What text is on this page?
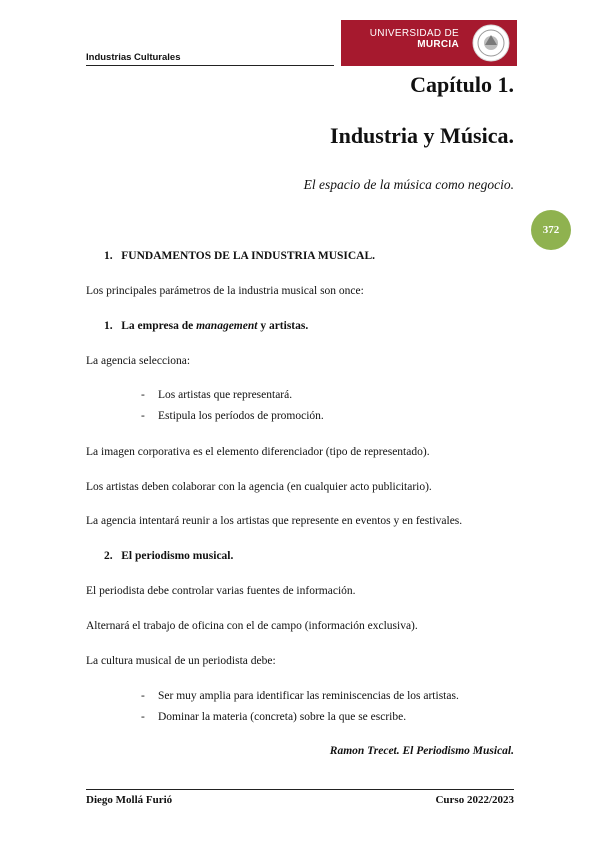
Industrias Culturales
UNIVERSIDAD DE
MURCIA
Capítulo 1.
Industria y Música.
El espacio de la música como negocio.
372
1. FUNDAMENTOS DE LA INDUSTRIA MUSICAL.
Los principales parámetros de la industria musical son once:
1. La empresa de management y artistas.
La agencia selecciona:
- Los artistas que representará.
- Estipula los períodos de promoción.
La imagen corporativa es el elemento diferenciador (tipo de representado).
Los artistas deben colaborar con la agencia (en cualquier acto publicitario).
La agencia intentará reunir a los artistas que represente en eventos y en festivales.
2. El periodismo musical.
El periodista debe controlar varias fuentes de información.
Alternará el trabajo de oficina con el de campo (información exclusiva).
La cultura musical de un periodista debe:
- Ser muy amplia para identificar las reminiscencias de los artistas.
- Dominar la materia (concreta) sobre la que se escribe.
Ramon Trecet. El Periodismo Musical.
Diego Mollá Furió	Curso 2022/2023
